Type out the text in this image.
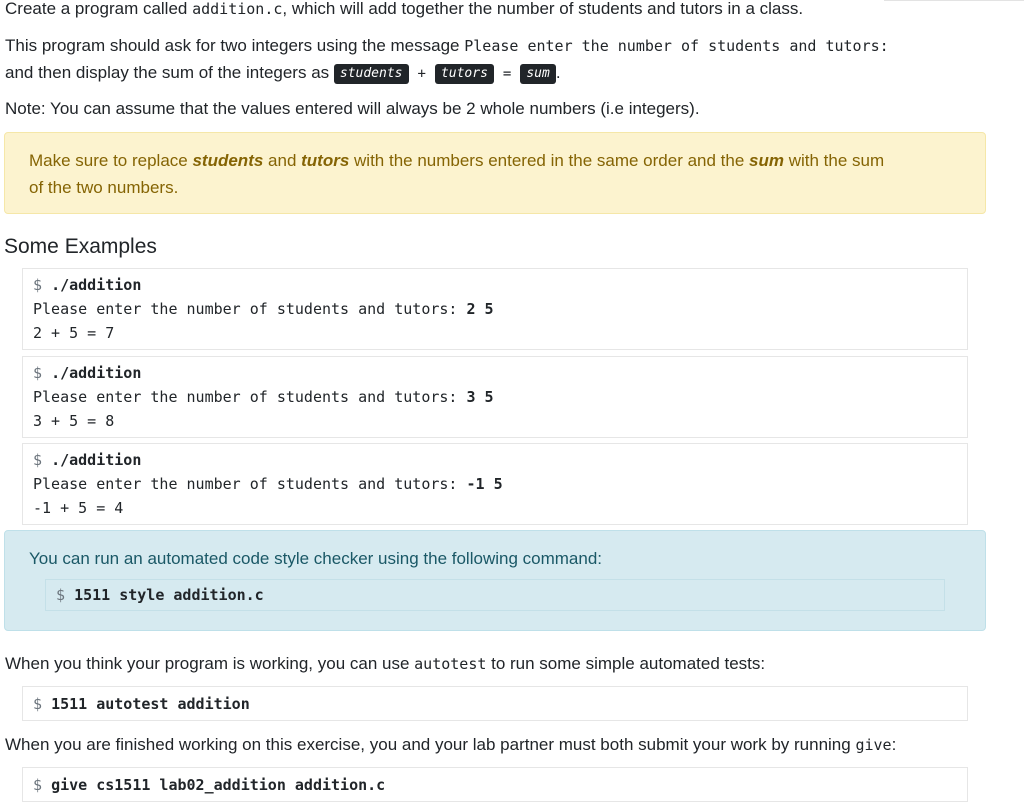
Create a program called addition.c, which will add together the number of students and tutors in a class.
This program should ask for two integers using the message Please enter the number of students and tutors:
and then display the sum of the integers as students + tutors = sum .
Note: You can assume that the values entered will always be 2 whole numbers (i.e integers).
Make sure to replace students and tutors with the numbers entered in the same order and the sum with the sum
of the two numbers.
Some Examples
$ ./addition
Please enter the number of students and tutors: 2 5
2 + 5 = 7
$ ./addition
Please enter the number of students and tutors: 3 5
3 + 5 = 8
$ ./addition
Please enter the number of students and tutors: -1 5
-1 + 5 = 4
You can run an automated code style checker using the following command:
$ 1511 style addition.c
When you think your program is working, you can use autotest to run some simple automated tests:
$ 1511 autotest addition
When you are finished working on this exercise, you and your lab partner must both submit your work by running give:
$ give cs1511 lab02_addition addition.c
